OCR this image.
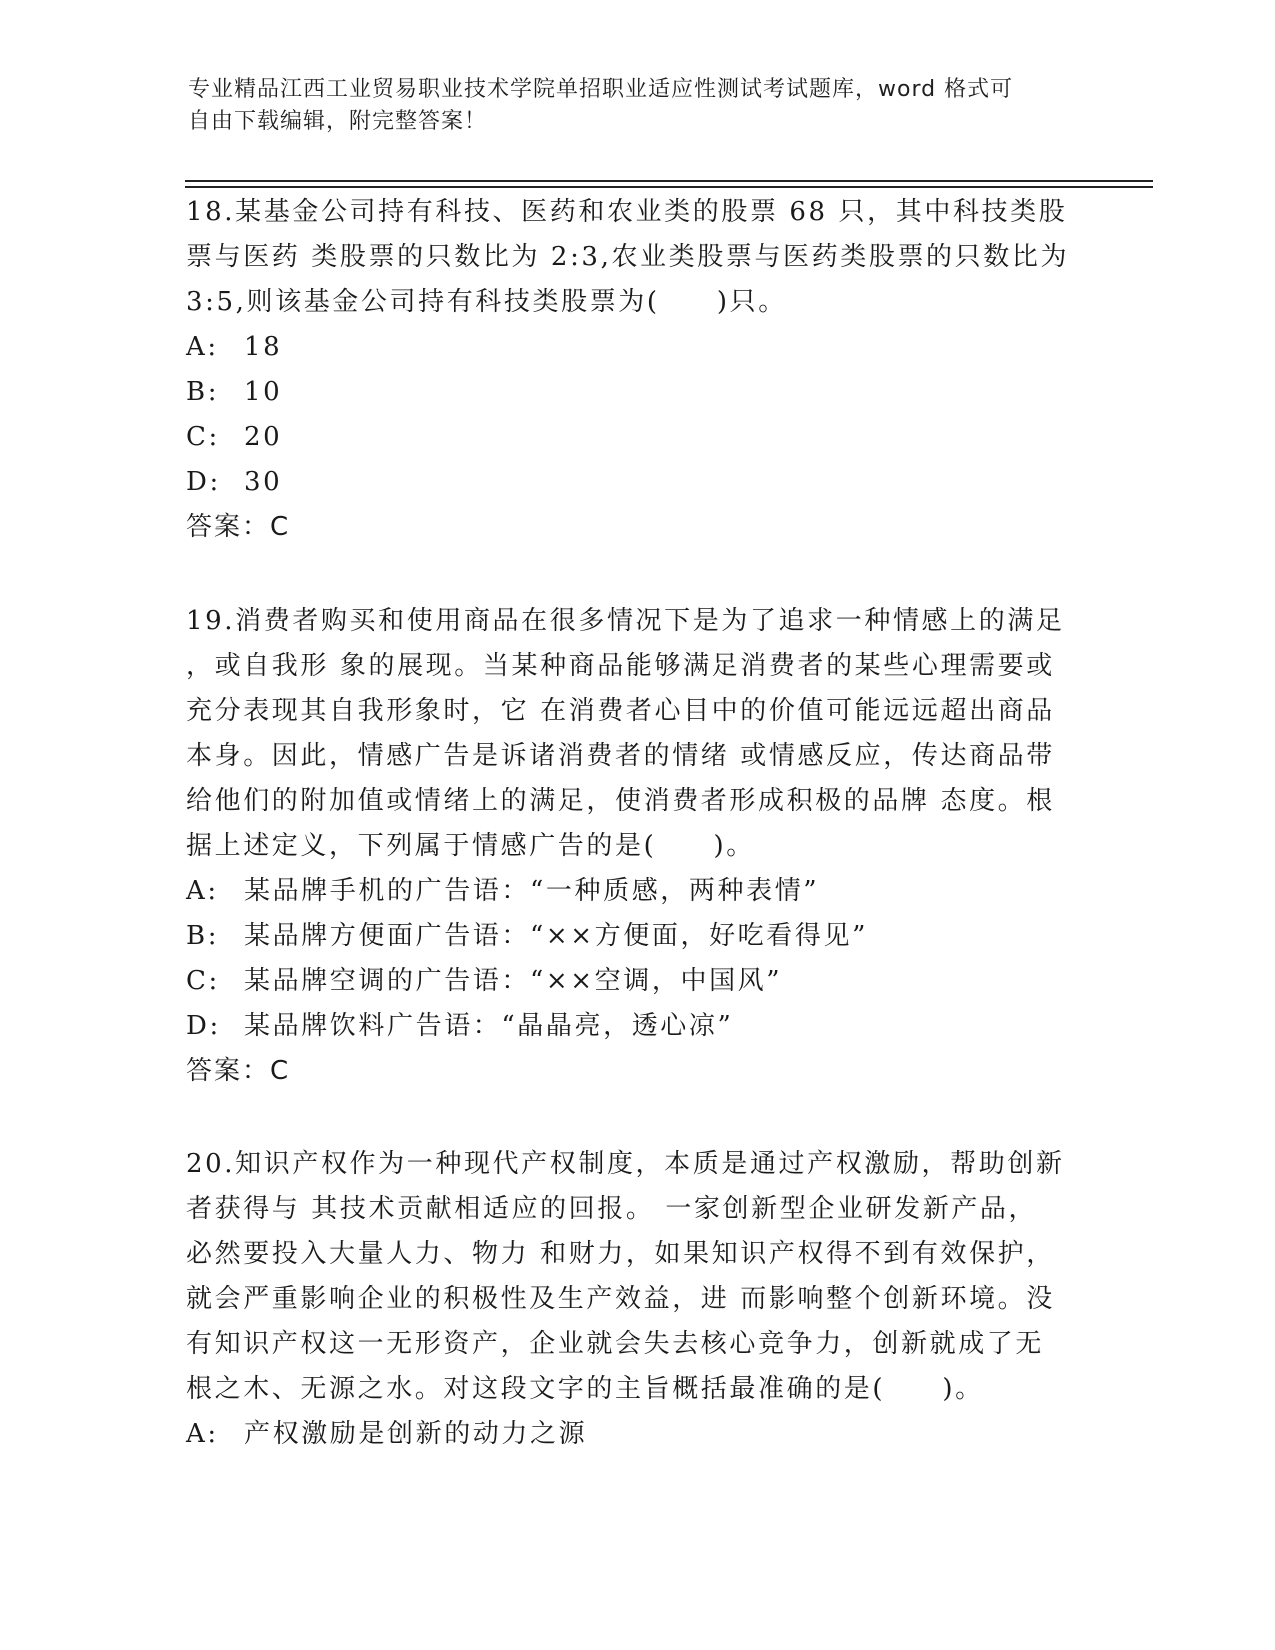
专业精品江西工业贸易职业技术学院单招职业适应性测试考试题库，word 格式可
自由下载编辑，附完整答案！
18.某基金公司持有科技、医药和农业类的股票 68 只，其中科技类股
票与医药 类股票的只数比为 2:3,农业类股票与医药类股票的只数比为
3:5,则该基金公司持有科技类股票为(　　)只。
A: 18
B: 10
C: 20
D: 30
答案：C
19.消费者购买和使用商品在很多情况下是为了追求一种情感上的满足
，或自我形 象的展现。当某种商品能够满足消费者的某些心理需要或
充分表现其自我形象时，它 在消费者心目中的价值可能远远超出商品
本身。因此，情感广告是诉诸消费者的情绪 或情感反应，传达商品带
给他们的附加值或情绪上的满足，使消费者形成积极的品牌 态度。根
据上述定义，下列属于情感广告的是(　　)。
A: 某品牌手机的广告语：“一种质感，两种表情”
B: 某品牌方便面广告语：“××方便面，好吃看得见”
C: 某品牌空调的广告语：“××空调，中国风”
D: 某品牌饮料广告语：“晶晶亮，透心凉”
答案：C
20.知识产权作为一种现代产权制度，本质是通过产权激励，帮助创新
者获得与 其技术贡献相适应的回报。 一家创新型企业研发新产品，
必然要投入大量人力、物力 和财力，如果知识产权得不到有效保护，
就会严重影响企业的积极性及生产效益，进 而影响整个创新环境。没
有知识产权这一无形资产，企业就会失去核心竞争力，创新就成了无
根之木、无源之水。对这段文字的主旨概括最准确的是(　　)。
A: 产权激励是创新的动力之源
